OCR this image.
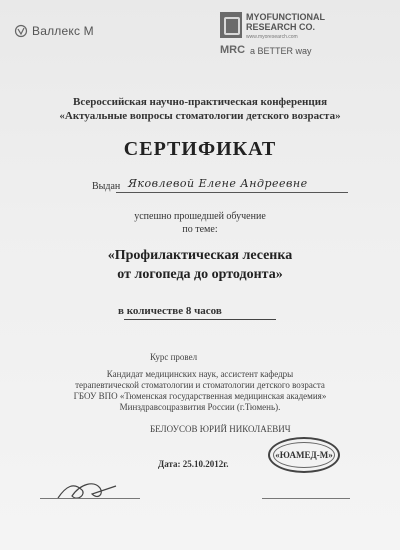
Валлекс М
MYOFUNCTIONAL
RESEARCH CO.
www.myoresearch.com
MRC a BETTER way
Всероссийская научно-практическая конференция
«Актуальные вопросы стоматологии детского возраста»
СЕРТИФИКАТ
Выдан Яковлевой Елене Андреевне
успешно прошедшей обучение
по теме:
«Профилактическая лесенка
от логопеда до ортодонта»
в количестве 8 часов
Курс провел
Кандидат медицинских наук, ассистент кафедры
терапевтической стоматологии и стоматологии детского возраста
ГБОУ ВПО «Тюменская государственная медицинская академия»
Минздравсоцразвития России (г.Тюмень).
БЕЛОУСОВ ЮРИЙ НИКОЛАЕВИЧ
Дата: 25.10.2012г.
«ЮАМЕД-М»
